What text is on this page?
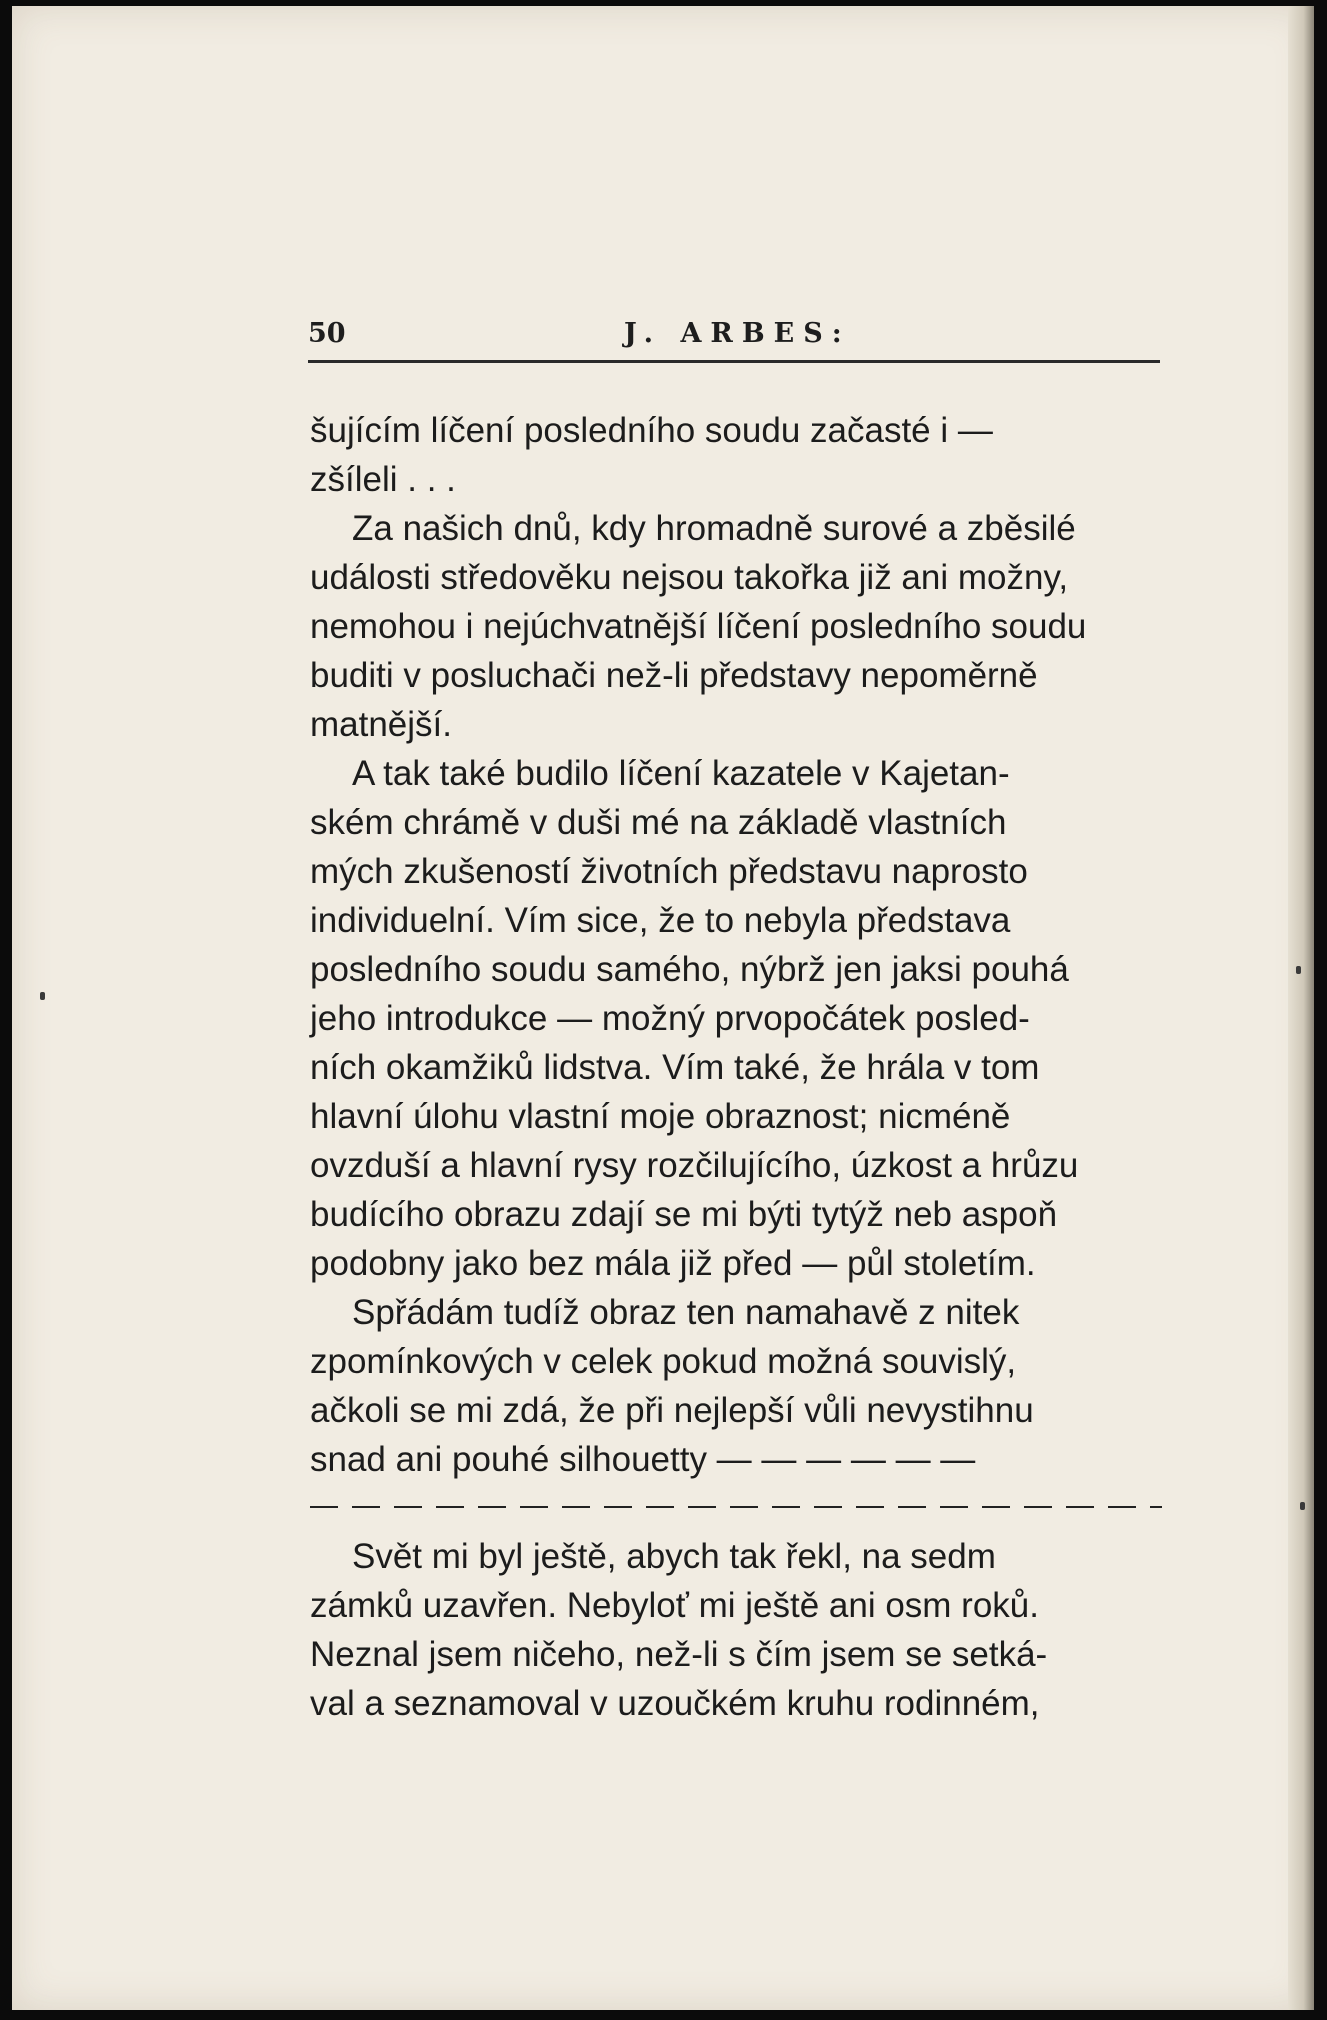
50	J. ARBES:
šujícím líčení posledního soudu začasté i —
zšíleli . . .
Za našich dnů, kdy hromadně surové a zběsilé
události středověku nejsou takořka již ani možny,
nemohou i nejúchvatnější líčení posledního soudu
buditi v posluchači než-li představy nepoměrně
matnější.
A tak také budilo líčení kazatele v Kajetan-
ském chrámě v duši mé na základě vlastních
mých zkušeností životních představu naprosto
individuelní. Vím sice, že to nebyla představa
posledního soudu samého, nýbrž jen jaksi pouhá
jeho introdukce — možný prvopočátek posled-
ních okamžiků lidstva. Vím také, že hrála v tom
hlavní úlohu vlastní moje obraznost; nicméně
ovzduší a hlavní rysy rozčilujícího, úzkost a hrůzu
budícího obrazu zdají se mi býti tytýž neb aspoň
podobny jako bez mála již před — půl stoletím.
Spřádám tudíž obraz ten namahavě z nitek
zpomínkových v celek pokud možná souvislý,
ačkoli se mi zdá, že při nejlepší vůli nevystihnu
snad ani pouhé silhouetty — — — — — —
Svět mi byl ještě, abych tak řekl, na sedm
zámků uzavřen. Nebyloť mi ještě ani osm roků.
Neznal jsem ničeho, než-li s čím jsem se setká-
val a seznamoval v uzoučkém kruhu rodinném,
